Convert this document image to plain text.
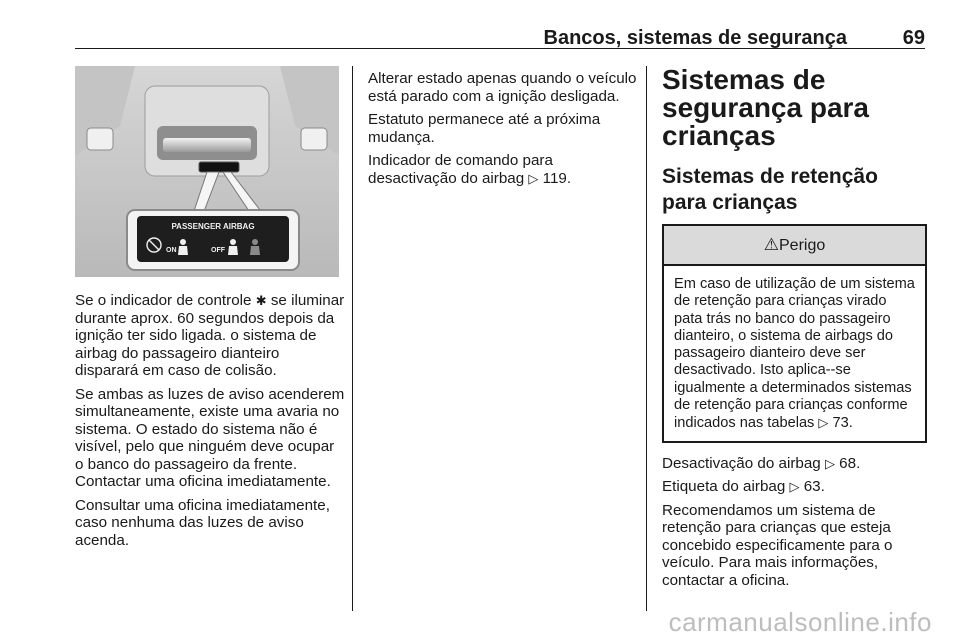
Bancos, sistemas de segurança	69
PASSENGER AIRBAG
ON	OFF

Se o indicador de controle ✱ se iluminar durante aprox. 60 segundos depois da ignição ter sido ligada. o sistema de airbag do passageiro dianteiro disparará em caso de colisão.

Se ambas as luzes de aviso acenderem simultaneamente, existe uma avaria no sistema. O estado do sistema não é visível, pelo que ninguém deve ocupar o banco do passageiro da frente. Contactar uma oficina imediatamente.

Consultar uma oficina imediatamente, caso nenhuma das luzes de aviso acenda.

Alterar estado apenas quando o veículo está parado com a ignição desligada.

Estatuto permanece até a próxima mudança.

Indicador de comando para desactivação do airbag ▷ 119.

Sistemas de segurança para crianças
Sistemas de retenção para crianças
⚠Perigo
Em caso de utilização de um sistema de retenção para crianças virado pata trás no banco do passageiro dianteiro, o sistema de airbags do passageiro dianteiro deve ser desactivado. Isto aplica--se igualmente a determinados sistemas de retenção para crianças conforme indicados nas tabelas ▷ 73.

Desactivação do airbag ▷ 68.

Etiqueta do airbag ▷ 63.

Recomendamos um sistema de retenção para crianças que esteja concebido especificamente para o veículo. Para mais informações, contactar a oficina.

carmanualsonline.info
